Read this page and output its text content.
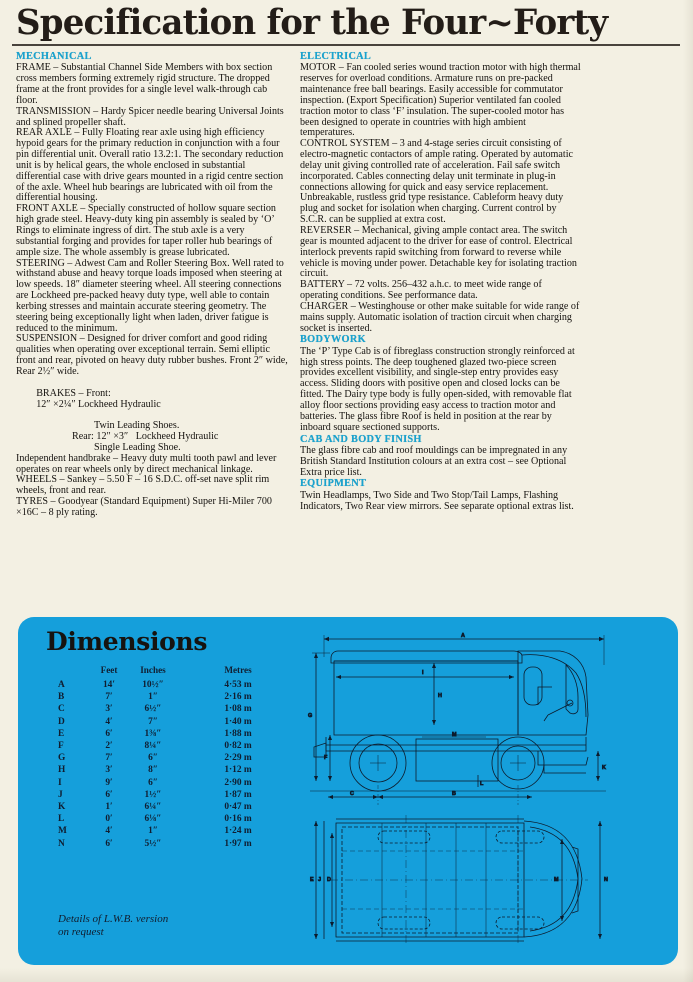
Specification for the Four~Forty
MECHANICAL

FRAME – Substantial Channel Side Members with box section cross members forming extremely rigid structure. The dropped frame at the front provides for a single level walk-through cab floor.

TRANSMISSION – Hardy Spicer needle bearing Universal Joints and splined propeller shaft.

REAR AXLE – Fully Floating rear axle using high efficiency hypoid gears for the primary reduction in conjunction with a four pin differential unit. Overall ratio 13.2:1. The secondary reduction unit is by helical gears, the whole enclosed in substantial differential case with drive gears mounted in a rigid centre section of the axle. Wheel hub bearings are lubricated with oil from the differential housing.

FRONT AXLE – Specially constructed of hollow square section high grade steel. Heavy-duty king pin assembly is sealed by ‘O’ Rings to eliminate ingress of dirt. The stub axle is a very substantial forging and provides for taper roller hub bearings of ample size. The whole assembly is grease lubricated.

STEERING – Adwest Cam and Roller Steering Box. Well rated to withstand abuse and heavy torque loads imposed when steering at low speeds. 18″ diameter steering wheel. All steering connections are Lockheed pre-packed heavy duty type, well able to contain kerbing stresses and maintain accurate steering geometry. The steering being exceptionally light when laden, driver fatigue is reduced to the minimum.

SUSPENSION – Designed for driver comfort and good riding qualities when operating over exceptional terrain. Semi elliptic front and rear, pivoted on heavy duty rubber bushes. Front 2″ wide, Rear 2½″ wide.

BRAKES – Front:
12″ ×2¼″ Lockheed Hydraulic

Twin Leading Shoes.
Rear: 12″ ×3″   Lockheed Hydraulic
Single Leading Shoe.

Independent handbrake – Heavy duty multi tooth pawl and lever operates on rear wheels only by direct mechanical linkage.

WHEELS – Sankey – 5.50 F – 16 S.D.C. off-set nave split rim wheels, front and rear.

TYRES – Goodyear (Standard Equipment) Super Hi-Miler 700 ×16C – 8 ply rating.

ELECTRICAL

MOTOR – Fan cooled series wound traction motor with high thermal reserves for overload conditions. Armature runs on pre-packed maintenance free ball bearings. Easily accessible for commutator inspection. (Export Specification) Superior ventilated fan cooled traction motor to class ‘F’ insulation. The super-cooled motor has been designed to operate in countries with high ambient temperatures.

CONTROL SYSTEM – 3 and 4-stage series circuit consisting of electro-magnetic contactors of ample rating. Operated by automatic delay unit giving controlled rate of acceleration. Fail safe switch incorporated. Cables connecting delay unit terminate in plug-in connections allowing for quick and easy service replacement. Unbreakable, rustless grid type resistance. Cableform heavy duty plug and socket for isolation when charging. Current control by S.C.R. can be supplied at extra cost.

REVERSER – Mechanical, giving ample contact area. The switch gear is mounted adjacent to the driver for ease of control. Electrical interlock prevents rapid switching from forward to reverse while vehicle is moving under power. Detachable key for isolating traction circuit.

BATTERY – 72 volts. 256–432 a.h.c. to meet wide range of operating conditions. See performance data.

CHARGER – Westinghouse or other make suitable for wide range of mains supply. Automatic isolation of traction circuit when charging socket is inserted.

BODYWORK

The ‘P’ Type Cab is of fibreglass construction strongly reinforced at high stress points. The deep toughened glazed two-piece screen provides excellent visibility, and single-step entry provides easy access. Sliding doors with positive open and closed locks can be fitted. The Dairy type body is fully open-sided, with removable flat alloy floor sections providing easy access to traction motor and batteries. The glass fibre Roof is held in position at the rear by inboard square sectioned supports.

CAB AND BODY FINISH

The glass fibre cab and roof mouldings can be impregnated in any British Standard Institution colours at an extra cost – see Optional Extra price list.

EQUIPMENT

Twin Headlamps, Two Side and Two Stop/Tail Lamps, Flashing Indicators, Two Rear view mirrors. See separate optional extras list.

Dimensions
	Feet	Inches	Metres
A	14′	10½″	4·53 m
B	7′	1″	2·16 m
C	3′	6½″	1·08 m
D	4′	7″	1·40 m
E	6′	1⅜″	1·88 m
F	2′	8¼″	0·82 m
G	7′	6″	2·29 m
H	3′	8″	1·12 m
I	9′	6″	2·90 m
J	6′	1½″	1·87 m
K	1′	6¼″	0·47 m
L	0′	6⅛″	0·16 m
M	4′	1″	1·24 m
N	6′	5½″	1·97 m
Details of L.W.B. version
on request
A
I
H
G
F
M
K
L
C	B
E J D	M	N
